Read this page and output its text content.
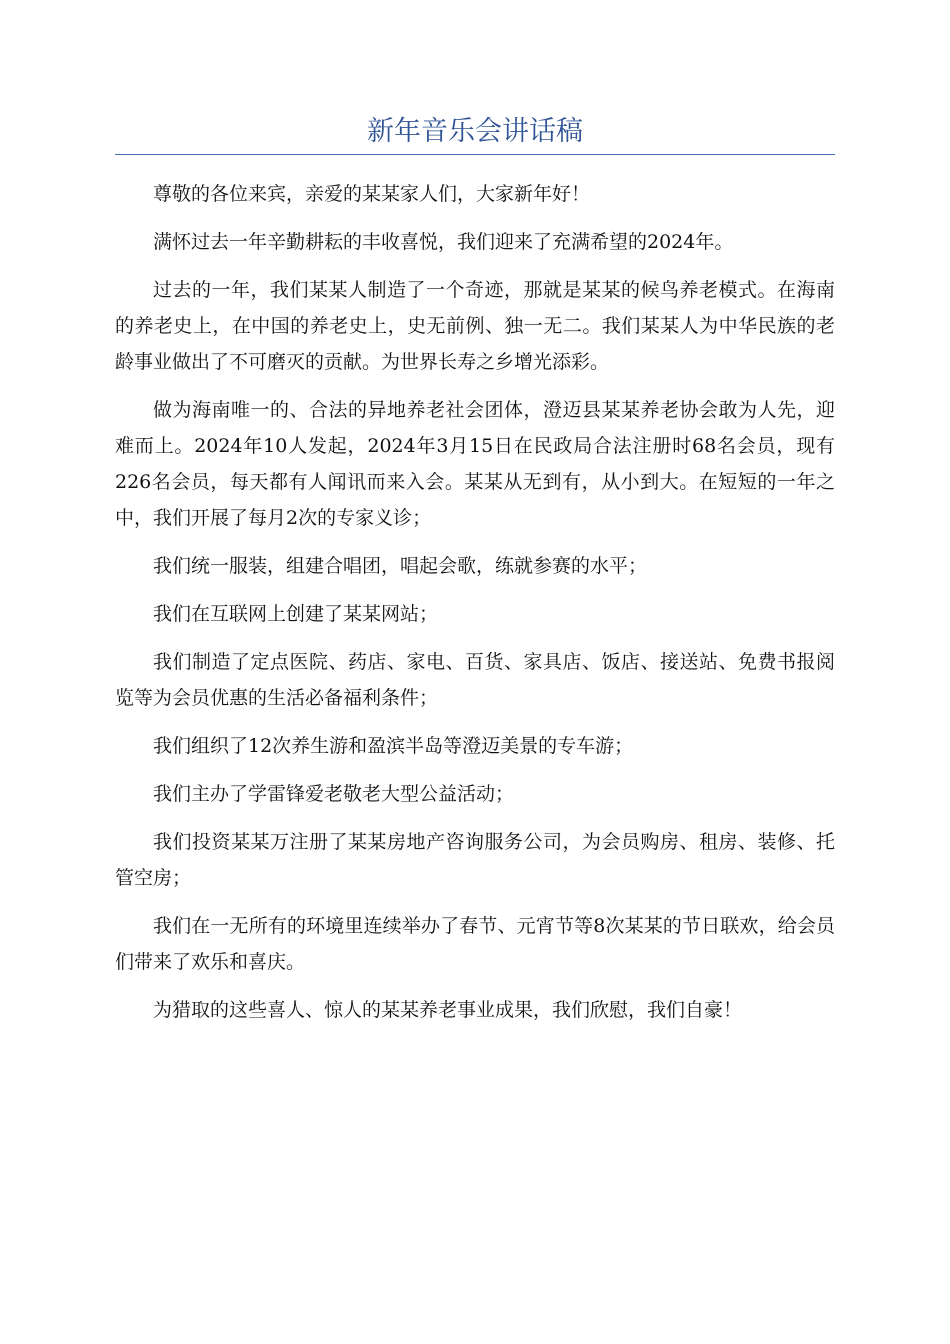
新年音乐会讲话稿

尊敬的各位来宾，亲爱的某某家人们，大家新年好！

满怀过去一年辛勤耕耘的丰收喜悦，我们迎来了充满希望的2024年。

过去的一年，我们某某人制造了一个奇迹，那就是某某的候鸟养老模式。在海南的养老史上，在中国的养老史上，史无前例、独一无二。我们某某人为中华民族的老龄事业做出了不可磨灭的贡献。为世界长寿之乡增光添彩。

做为海南唯一的、合法的异地养老社会团体，澄迈县某某养老协会敢为人先，迎难而上。2024年10人发起，2024年3月15日在民政局合法注册时68名会员，现有226名会员，每天都有人闻讯而来入会。某某从无到有，从小到大。在短短的一年之中，我们开展了每月2次的专家义诊；

我们统一服装，组建合唱团，唱起会歌，练就参赛的水平；

我们在互联网上创建了某某网站；

我们制造了定点医院、药店、家电、百货、家具店、饭店、接送站、免费书报阅览等为会员优惠的生活必备福利条件；

我们组织了12次养生游和盈滨半岛等澄迈美景的专车游；

我们主办了学雷锋爱老敬老大型公益活动；

我们投资某某万注册了某某房地产咨询服务公司，为会员购房、租房、装修、托管空房；

我们在一无所有的环境里连续举办了春节、元宵节等8次某某的节日联欢，给会员们带来了欢乐和喜庆。

为猎取的这些喜人、惊人的某某养老事业成果，我们欣慰，我们自豪！
